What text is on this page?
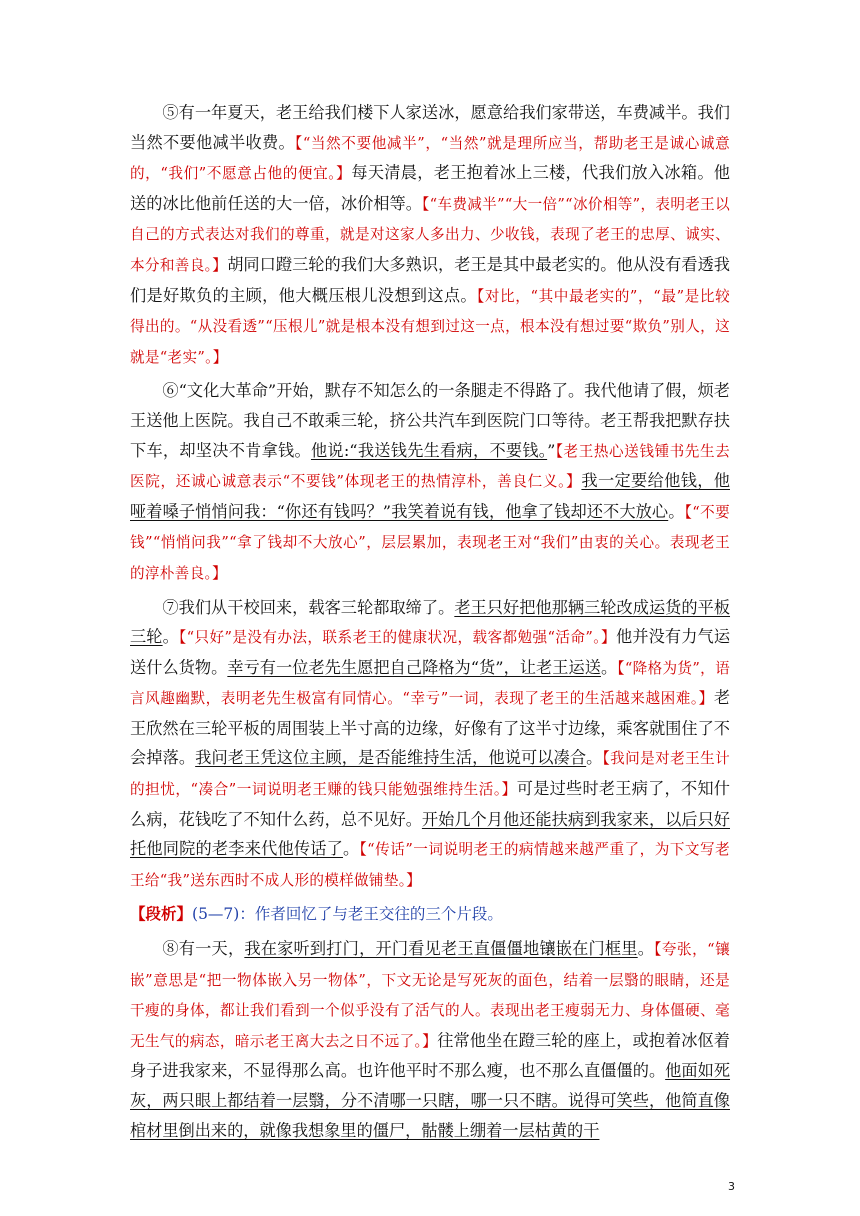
⑤有一年夏天，老王给我们楼下人家送冰，愿意给我们家带送，车费减半。我们当然不要他减半收费。【“当然不要他减半”，“当然”就是理所应当，帮助老王是诚心诚意的，“我们”不愿意占他的便宜。】每天清晨，老王抱着冰上三楼，代我们放入冰箱。他送的冰比他前任送的大一倍，冰价相等。【“车费减半”“大一倍”“冰价相等”，表明老王以自己的方式表达对我们的尊重，就是对这家人多出力、少收钱，表现了老王的忠厚、诚实、本分和善良。】胡同口蹬三轮的我们大多熟识，老王是其中最老实的。他从没有看透我们是好欺负的主顾，他大概压根儿没想到这点。【对比，“其中最老实的”，“最”是比较得出的。“从没看透”“压根儿”就是根本没有想到过这一点，根本没有想过要“欺负”别人，这就是“老实”。】

⑥“文化大革命”开始，默存不知怎么的一条腿走不得路了。我代他请了假，烦老王送他上医院。我自己不敢乘三轮，挤公共汽车到医院门口等待。老王帮我把默存扶下车，却坚决不肯拿钱。他说:“我送钱先生看病，不要钱。”【老王热心送钱锺书先生去医院，还诚心诚意表示“不要钱”体现老王的热情淳朴，善良仁义。】我一定要给他钱，他哑着嗓子悄悄问我：“你还有钱吗？”我笑着说有钱，他拿了钱却还不大放心。【“不要钱”“悄悄问我”“拿了钱却不大放心”，层层累加，表现老王对“我们”由衷的关心。表现老王的淳朴善良。】

⑦我们从干校回来，载客三轮都取缔了。老王只好把他那辆三轮改成运货的平板三轮。【“只好”是没有办法，联系老王的健康状况，载客都勉强“活命”。】他并没有力气运送什么货物。幸亏有一位老先生愿把自己降格为“货”，让老王运送。【“降格为货”，语言风趣幽默，表明老先生极富有同情心。“幸亏”一词，表现了老王的生活越来越困难。】老王欣然在三轮平板的周围装上半寸高的边缘，好像有了这半寸边缘，乘客就围住了不会掉落。我问老王凭这位主顾，是否能维持生活，他说可以凑合。【我问是对老王生计的担忧，“凑合”一词说明老王赚的钱只能勉强维持生活。】可是过些时老王病了，不知什么病，花钱吃了不知什么药，总不见好。开始几个月他还能扶病到我家来，以后只好托他同院的老李来代他传话了。【“传话”一词说明老王的病情越来越严重了，为下文写老王给“我”送东西时不成人形的模样做铺垫。】

【段析】(5—7)：作者回忆了与老王交往的三个片段。

⑧有一天，我在家听到打门，开门看见老王直僵僵地镶嵌在门框里。【夸张，“镶嵌”意思是“把一物体嵌入另一物体”，下文无论是写死灰的面色，结着一层翳的眼睛，还是干瘦的身体，都让我们看到一个似乎没有了活气的人。表现出老王瘦弱无力、身体僵硬、毫无生气的病态，暗示老王离大去之日不远了。】往常他坐在蹬三轮的座上，或抱着冰伛着身子进我家来，不显得那么高。也许他平时不那么瘦，也不那么直僵僵的。他面如死灰，两只眼上都结着一层翳，分不清哪一只瞎，哪一只不瞎。说得可笑些，他简直像棺材里倒出来的，就像我想象里的僵尸，骷髅上绷着一层枯黄的干

3
